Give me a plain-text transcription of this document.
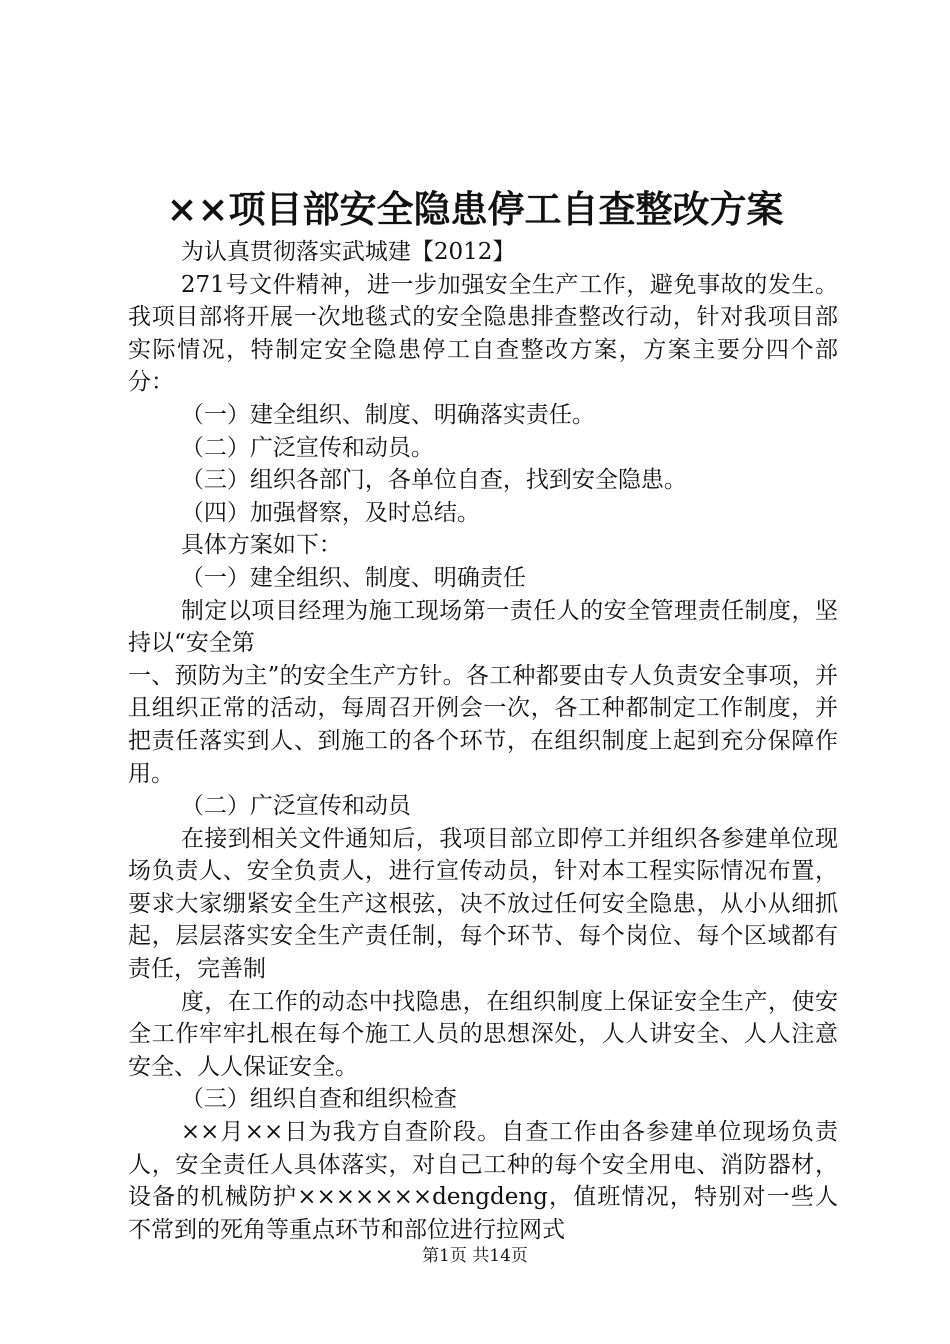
××项目部安全隐患停工自查整改方案

为认真贯彻落实武城建【2012】

271号文件精神，进一步加强安全生产工作，避免事故的发生。我项目部将开展一次地毯式的安全隐患排查整改行动，针对我项目部实际情况，特制定安全隐患停工自查整改方案，方案主要分四个部分：

（一）建全组织、制度、明确落实责任。

（二）广泛宣传和动员。

（三）组织各部门，各单位自查，找到安全隐患。

（四）加强督察，及时总结。

具体方案如下：

（一）建全组织、制度、明确责任

制定以项目经理为施工现场第一责任人的安全管理责任制度，坚持以“安全第

一、预防为主”的安全生产方针。各工种都要由专人负责安全事项，并且组织正常的活动，每周召开例会一次，各工种都制定工作制度，并把责任落实到人、到施工的各个环节，在组织制度上起到充分保障作用。

（二）广泛宣传和动员

在接到相关文件通知后，我项目部立即停工并组织各参建单位现场负责人、安全负责人，进行宣传动员，针对本工程实际情况布置，要求大家绷紧安全生产这根弦，决不放过任何安全隐患，从小从细抓起，层层落实安全生产责任制，每个环节、每个岗位、每个区域都有责任，完善制

度，在工作的动态中找隐患，在组织制度上保证安全生产，使安全工作牢牢扎根在每个施工人员的思想深处，人人讲安全、人人注意安全、人人保证安全。

（三）组织自查和组织检查

××月××日为我方自查阶段。自查工作由各参建单位现场负责人，安全责任人具体落实，对自己工种的每个安全用电、消防器材，设备的机械防护×××××××dengdeng，值班情况，特别对一些人不常到的死角等重点环节和部位进行拉网式

第1页 共14页
